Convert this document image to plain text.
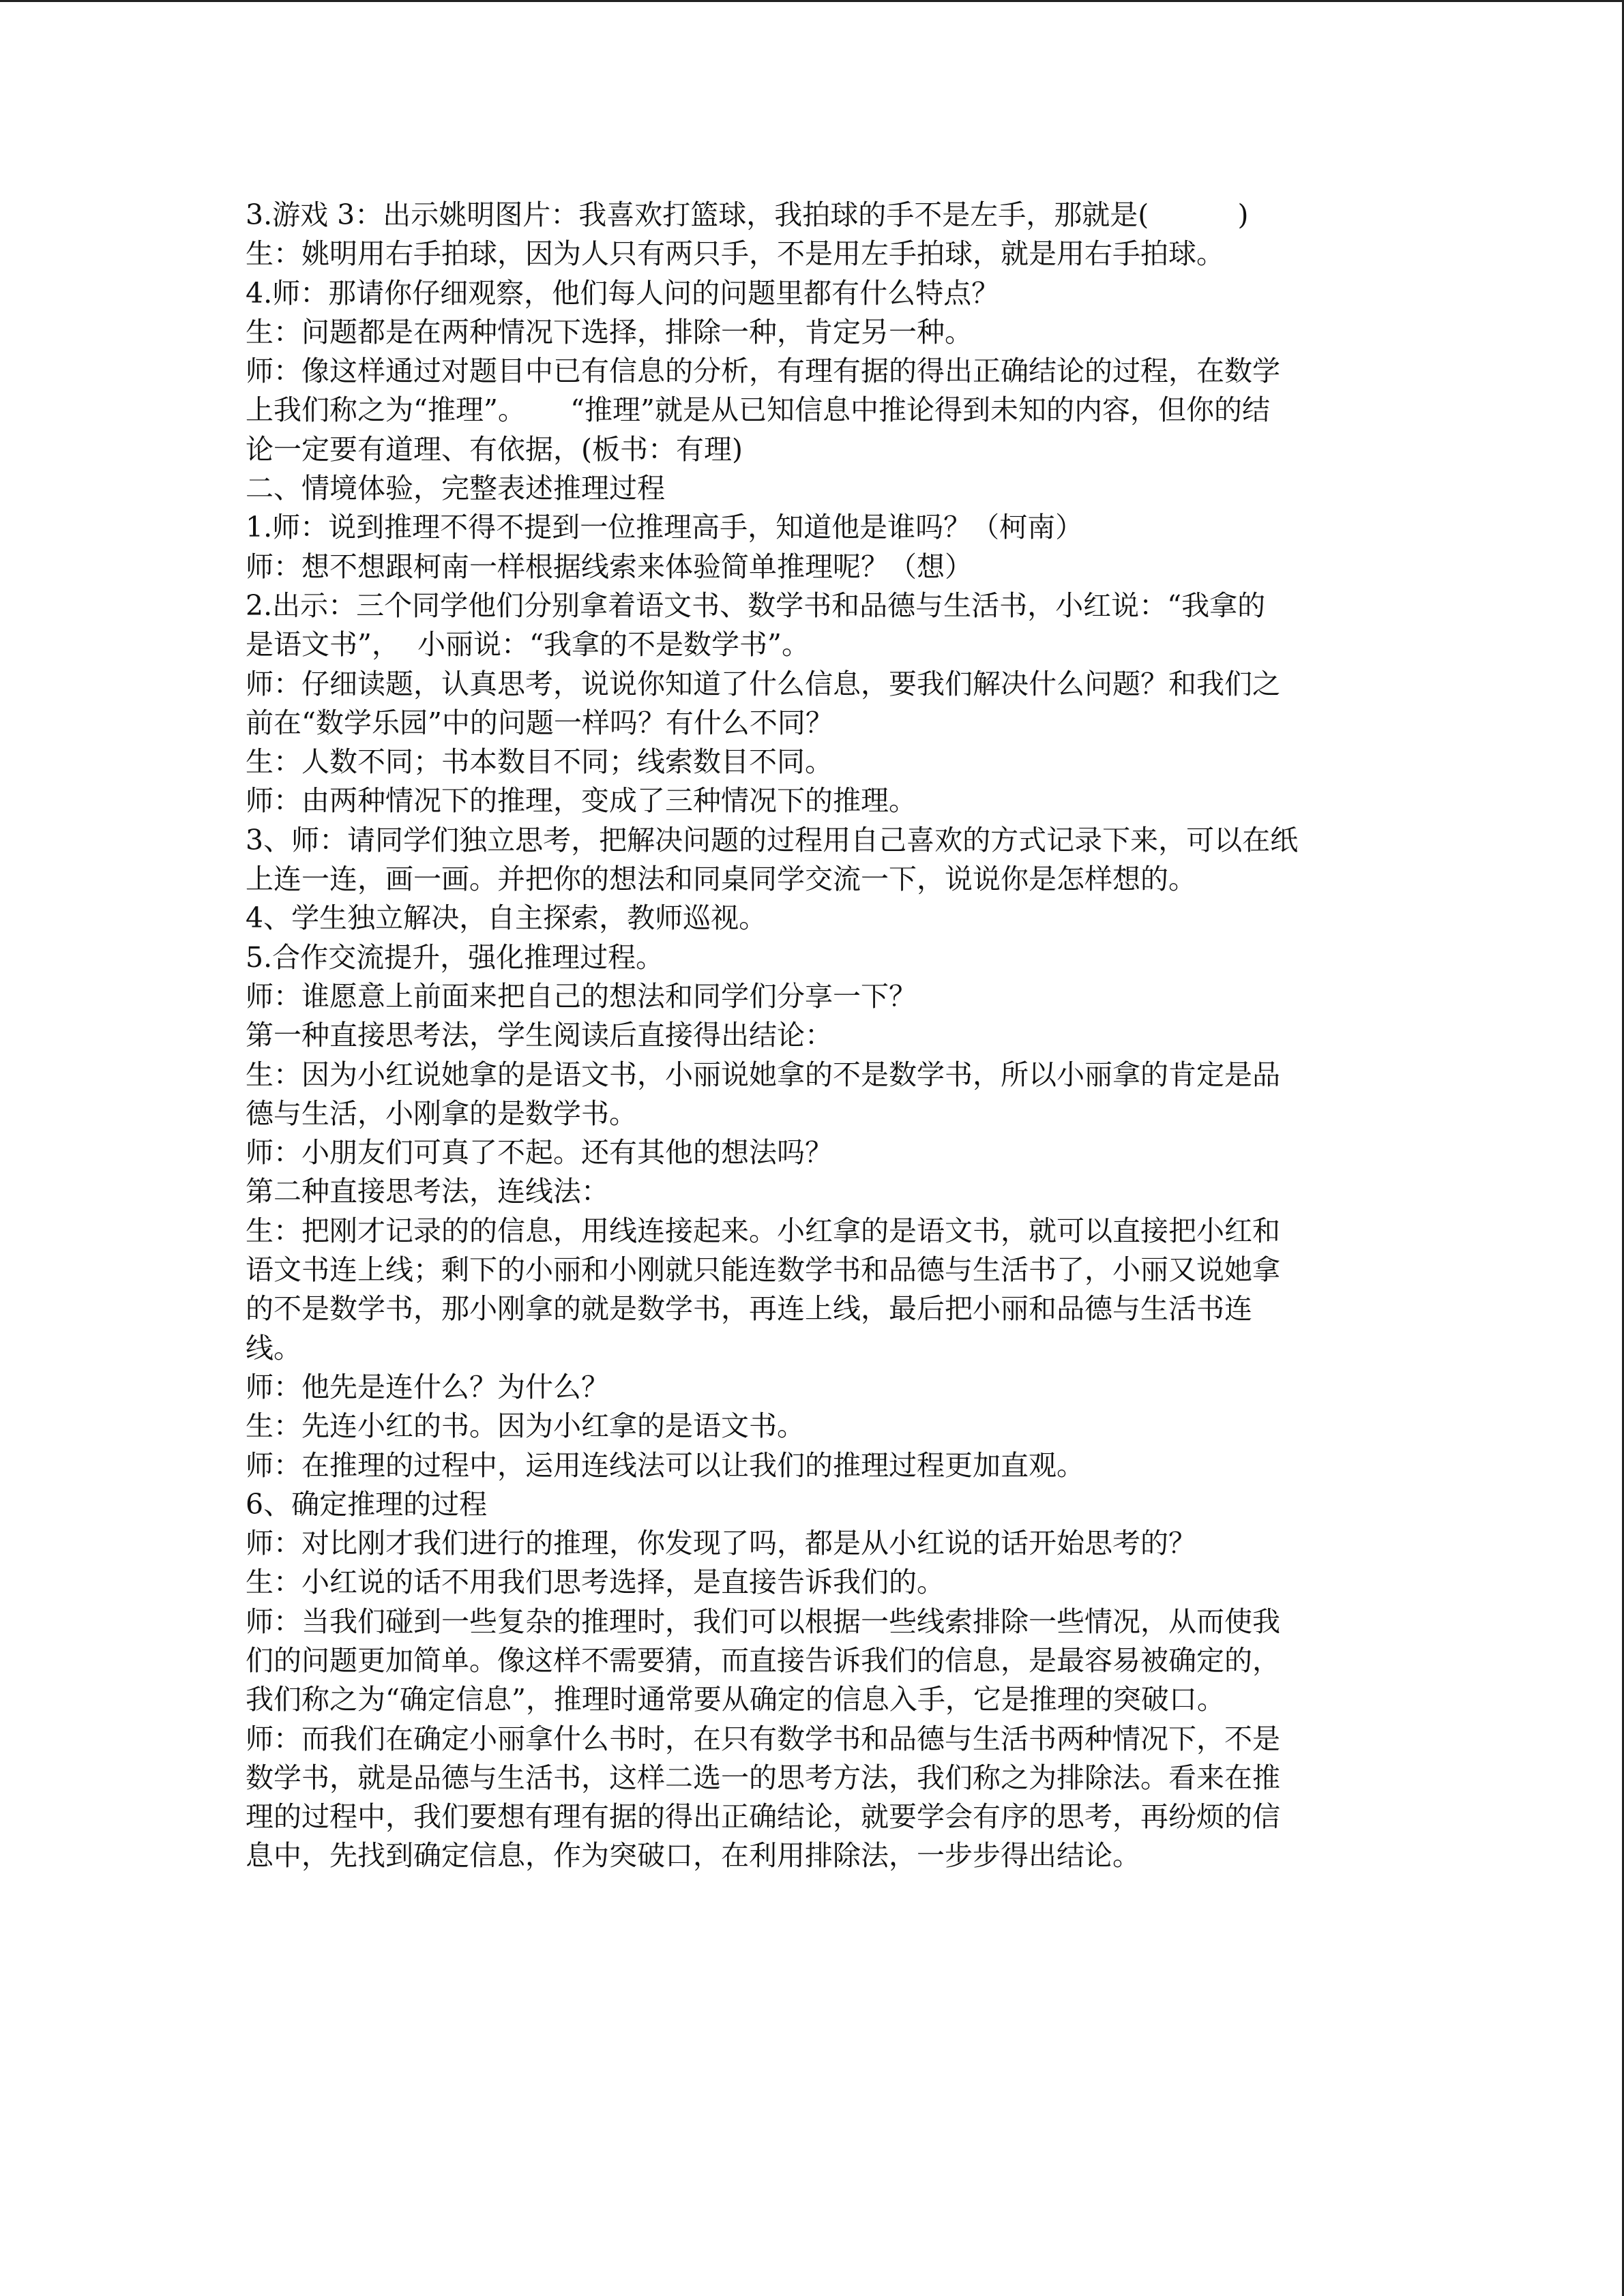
3.游戏 3：出示姚明图片：我喜欢打篮球，我拍球的手不是左手，那就是(          )
生：姚明用右手拍球，因为人只有两只手，不是用左手拍球，就是用右手拍球。
4.师：那请你仔细观察，他们每人问的问题里都有什么特点？
生：问题都是在两种情况下选择，排除一种，肯定另一种。
师：像这样通过对题目中已有信息的分析，有理有据的得出正确结论的过程，在数学
上我们称之为“推理”。     “推理”就是从已知信息中推论得到未知的内容，但你的结
论一定要有道理、有依据，(板书：有理)
二、情境体验，完整表述推理过程
1.师：说到推理不得不提到一位推理高手，知道他是谁吗？（柯南）
师：想不想跟柯南一样根据线索来体验简单推理呢？（想）
2.出示：三个同学他们分别拿着语文书、数学书和品德与生活书，小红说：“我拿的
是语文书”，  小丽说：“我拿的不是数学书”。
师：仔细读题，认真思考，说说你知道了什么信息，要我们解决什么问题？和我们之
前在“数学乐园”中的问题一样吗？有什么不同？
生：人数不同；书本数目不同；线索数目不同。
师：由两种情况下的推理，变成了三种情况下的推理。
3、师：请同学们独立思考，把解决问题的过程用自己喜欢的方式记录下来，可以在纸
上连一连，画一画。并把你的想法和同桌同学交流一下，说说你是怎样想的。
4、学生独立解决，自主探索，教师巡视。
5.合作交流提升，强化推理过程。
师：谁愿意上前面来把自己的想法和同学们分享一下？
第一种直接思考法，学生阅读后直接得出结论：
生：因为小红说她拿的是语文书，小丽说她拿的不是数学书，所以小丽拿的肯定是品
德与生活，小刚拿的是数学书。
师：小朋友们可真了不起。还有其他的想法吗？
第二种直接思考法，连线法：
生：把刚才记录的的信息，用线连接起来。小红拿的是语文书，就可以直接把小红和
语文书连上线；剩下的小丽和小刚就只能连数学书和品德与生活书了，小丽又说她拿
的不是数学书，那小刚拿的就是数学书，再连上线，最后把小丽和品德与生活书连
线。
师：他先是连什么？为什么？
生：先连小红的书。因为小红拿的是语文书。
师：在推理的过程中，运用连线法可以让我们的推理过程更加直观。
6、确定推理的过程
师：对比刚才我们进行的推理，你发现了吗，都是从小红说的话开始思考的？
生：小红说的话不用我们思考选择，是直接告诉我们的。
师：当我们碰到一些复杂的推理时，我们可以根据一些线索排除一些情况，从而使我
们的问题更加简单。像这样不需要猜，而直接告诉我们的信息，是最容易被确定的，
我们称之为“确定信息”，推理时通常要从确定的信息入手，它是推理的突破口。
师：而我们在确定小丽拿什么书时，在只有数学书和品德与生活书两种情况下，不是
数学书，就是品德与生活书，这样二选一的思考方法，我们称之为排除法。看来在推
理的过程中，我们要想有理有据的得出正确结论，就要学会有序的思考，再纷烦的信
息中，先找到确定信息，作为突破口，在利用排除法，一步步得出结论。
